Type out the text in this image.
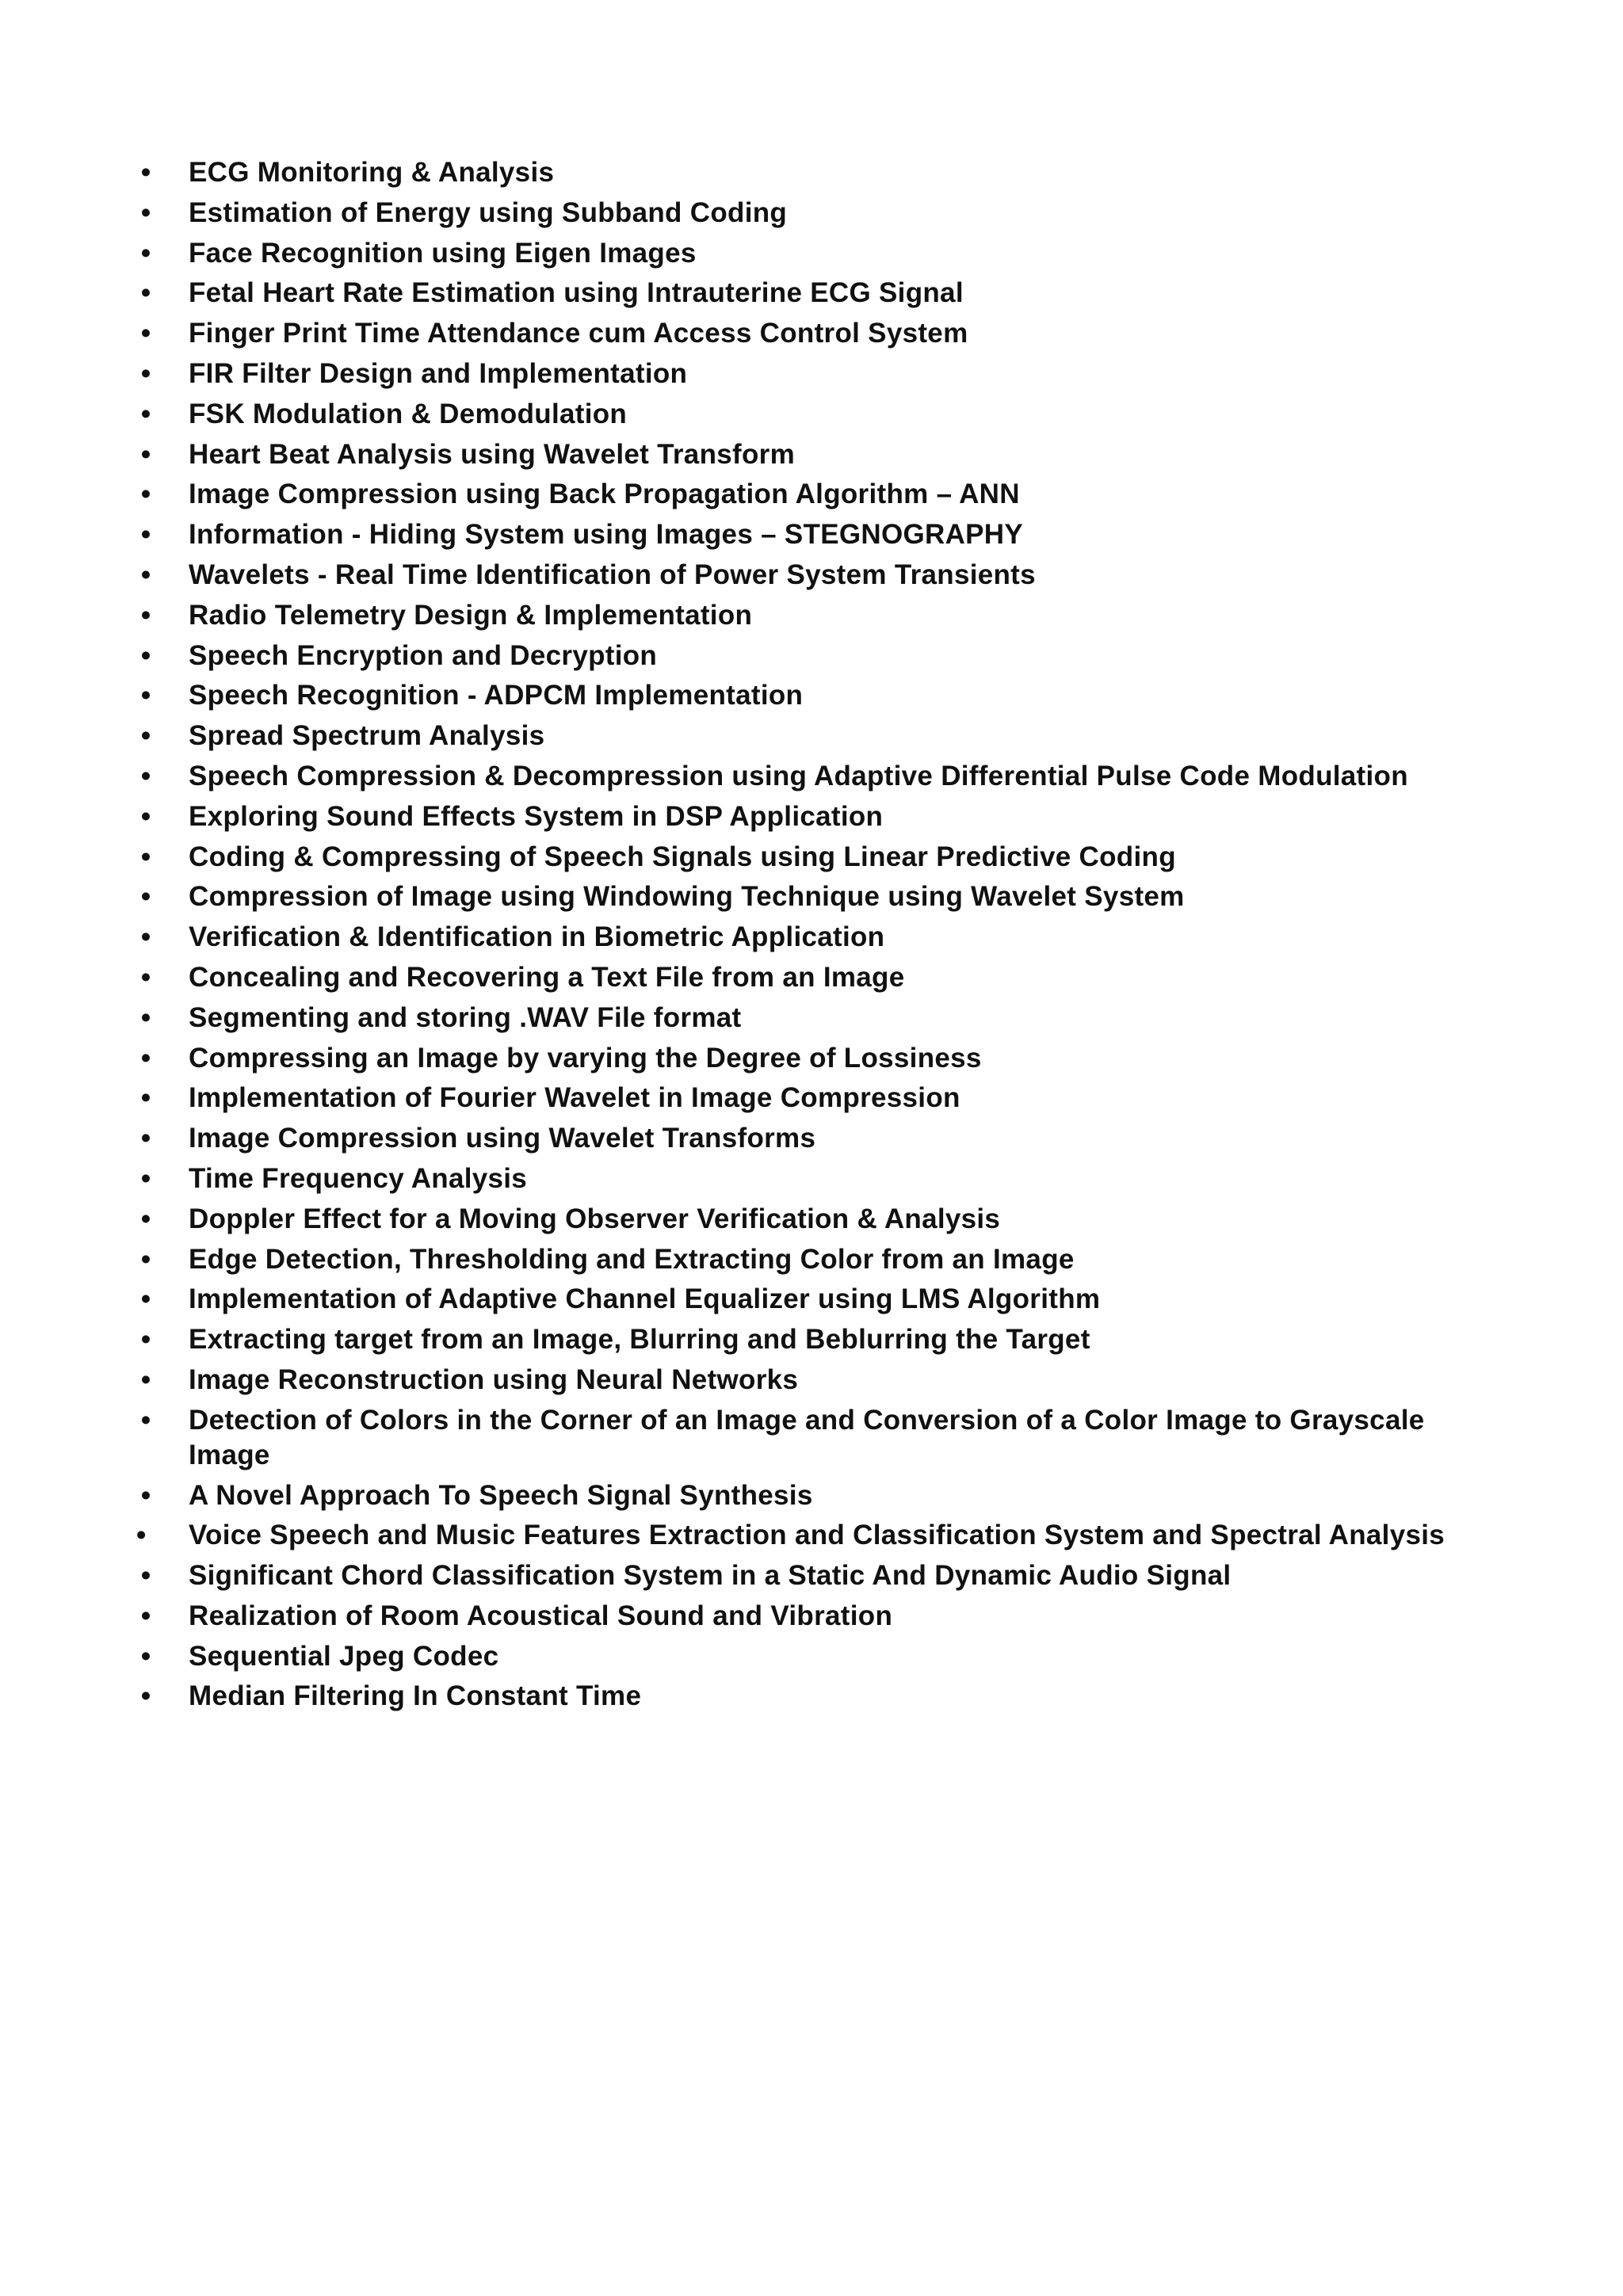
• ECG Monitoring & Analysis
• Estimation of Energy using Subband Coding
• Face Recognition using Eigen Images
• Fetal Heart Rate Estimation using Intrauterine ECG Signal
• Finger Print Time Attendance cum Access Control System
• FIR Filter Design and Implementation
• FSK Modulation & Demodulation
• Heart Beat Analysis using Wavelet Transform
• Image Compression using Back Propagation Algorithm – ANN
• Information - Hiding System using Images – STEGNOGRAPHY
• Wavelets - Real Time Identification of Power System Transients
• Radio Telemetry Design & Implementation
• Speech Encryption and Decryption
• Speech Recognition - ADPCM Implementation
• Spread Spectrum Analysis
• Speech Compression & Decompression using Adaptive Differential Pulse Code Modulation
• Exploring Sound Effects System in DSP Application
• Coding & Compressing of Speech Signals using Linear Predictive Coding
• Compression of Image using Windowing Technique using Wavelet System
• Verification & Identification in Biometric Application
• Concealing and Recovering a Text File from an Image
• Segmenting and storing .WAV File format
• Compressing an Image by varying the Degree of Lossiness
• Implementation of Fourier Wavelet in Image Compression
• Image Compression using Wavelet Transforms
• Time Frequency Analysis
• Doppler Effect for a Moving Observer Verification & Analysis
• Edge Detection, Thresholding and Extracting Color from an Image
• Implementation of Adaptive Channel Equalizer using LMS Algorithm
• Extracting target from an Image, Blurring and Beblurring the Target
• Image Reconstruction using Neural Networks
• Detection of Colors in the Corner of an Image and Conversion of a Color Image to Grayscale Image
• A Novel Approach To Speech Signal Synthesis
•	Voice Speech and Music Features Extraction and Classification System and Spectral Analysis
• Significant Chord Classification System in a Static And Dynamic Audio Signal
• Realization of Room Acoustical Sound and Vibration
• Sequential Jpeg Codec
• Median Filtering In Constant Time
